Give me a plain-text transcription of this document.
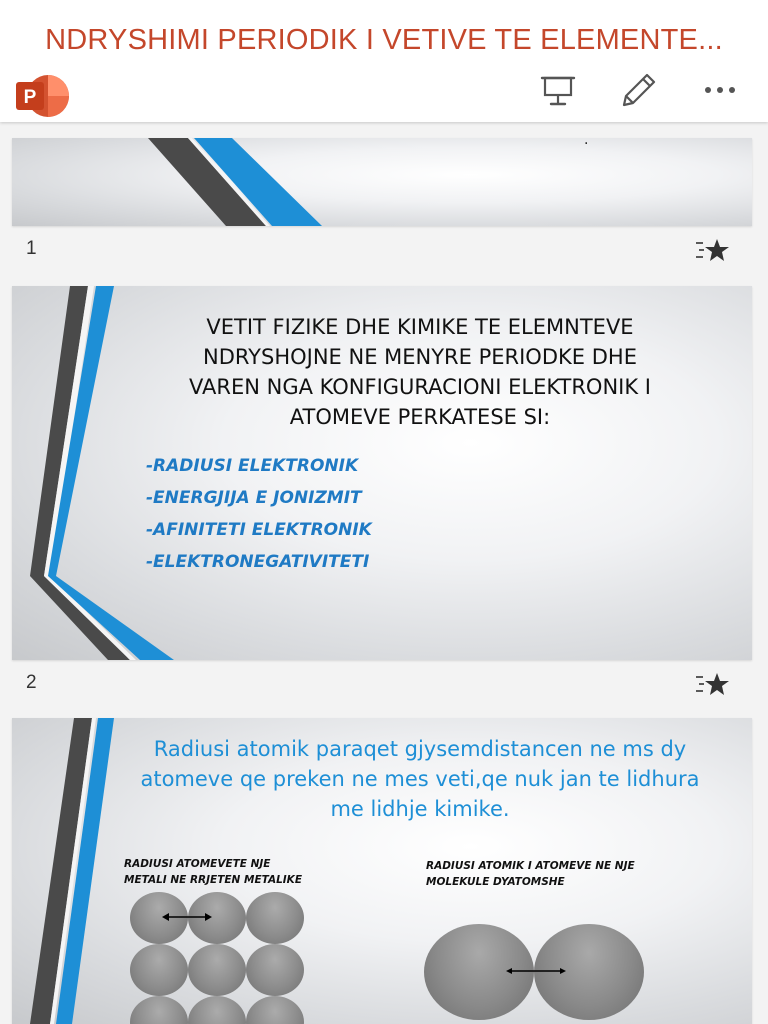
NDRYSHIMI PERIODIK I VETIVE TE ELEMENTE...
P
.
1
VETIT FIZIKE DHE KIMIKE TE ELEMNTEVE
NDRYSHOJNE NE MENYRE PERIODKE DHE
VAREN NGA KONFIGURACIONI ELEKTRONIK I
ATOMEVE PERKATESE SI:
-RADIUSI ELEKTRONIK
-ENERGJIJA E JONIZMIT
-AFINITETI ELEKTRONIK
-ELEKTRONEGATIVITETI
2
Radiusi atomik paraqet gjysemdistancen ne ms dy
atomeve qe preken ne mes veti,qe nuk jan te lidhura
me lidhje kimike.
RADIUSI ATOMEVETE NJE
METALI NE RRJETEN METALIKE
RADIUSI ATOMIK I ATOMEVE NE NJE
MOLEKULE DYATOMSHE
